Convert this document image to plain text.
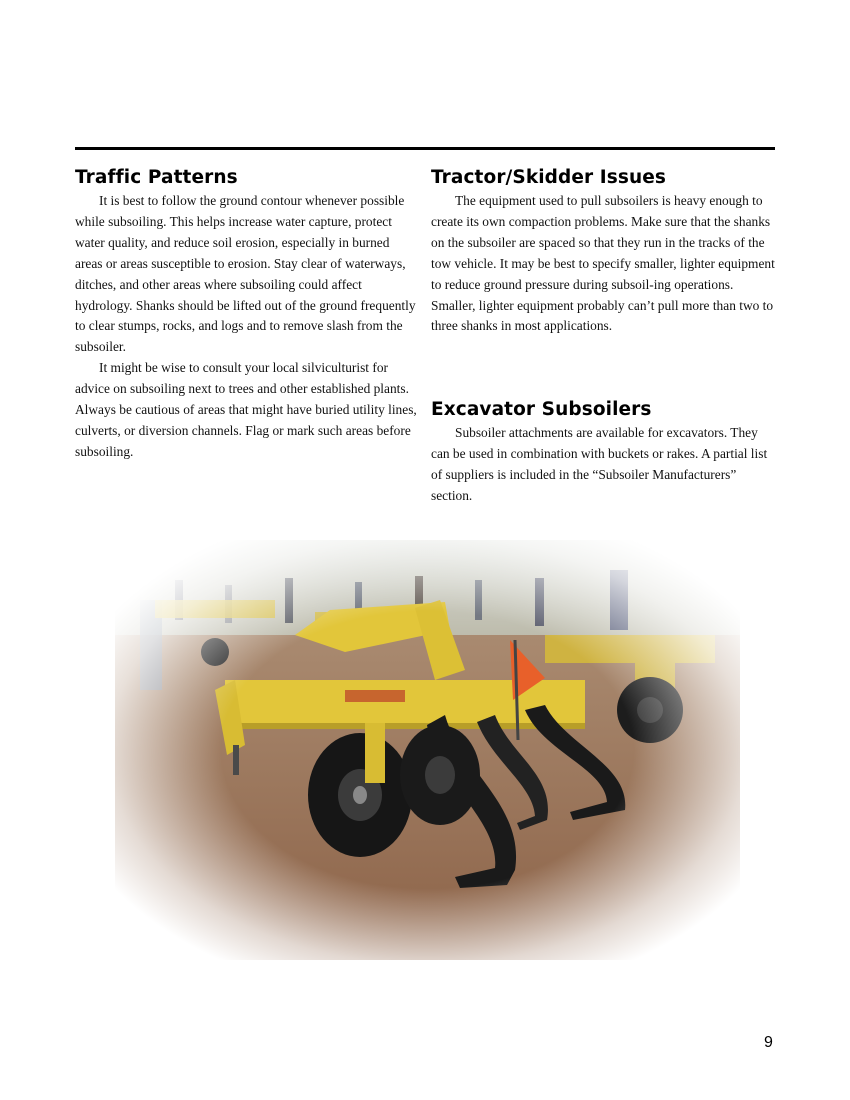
Traffic Patterns

It is best to follow the ground contour whenever possible while subsoiling. This helps increase water capture, protect water quality, and reduce soil erosion, especially in burned areas or areas susceptible to erosion. Stay clear of waterways, ditches, and other areas where subsoiling could affect hydrology. Shanks should be lifted out of the ground frequently to clear stumps, rocks, and logs and to remove slash from the subsoiler.

It might be wise to consult your local silviculturist for advice on subsoiling next to trees and other established plants. Always be cautious of areas that might have buried utility lines, culverts, or diversion channels. Flag or mark such areas before subsoiling.

Tractor/Skidder Issues

The equipment used to pull subsoilers is heavy enough to create its own compaction problems. Make sure that the shanks on the subsoiler are spaced so that they run in the tracks of the tow vehicle. It may be best to specify smaller, lighter equipment to reduce ground pressure during subsoil-ing operations. Smaller, lighter equipment probably can’t pull more than two to three shanks in most applications.

Excavator Subsoilers

Subsoiler attachments are available for excavators. They can be used in combination with buckets or rakes. A partial list of suppliers is included in the “Subsoiler Manufacturers” section.

9
